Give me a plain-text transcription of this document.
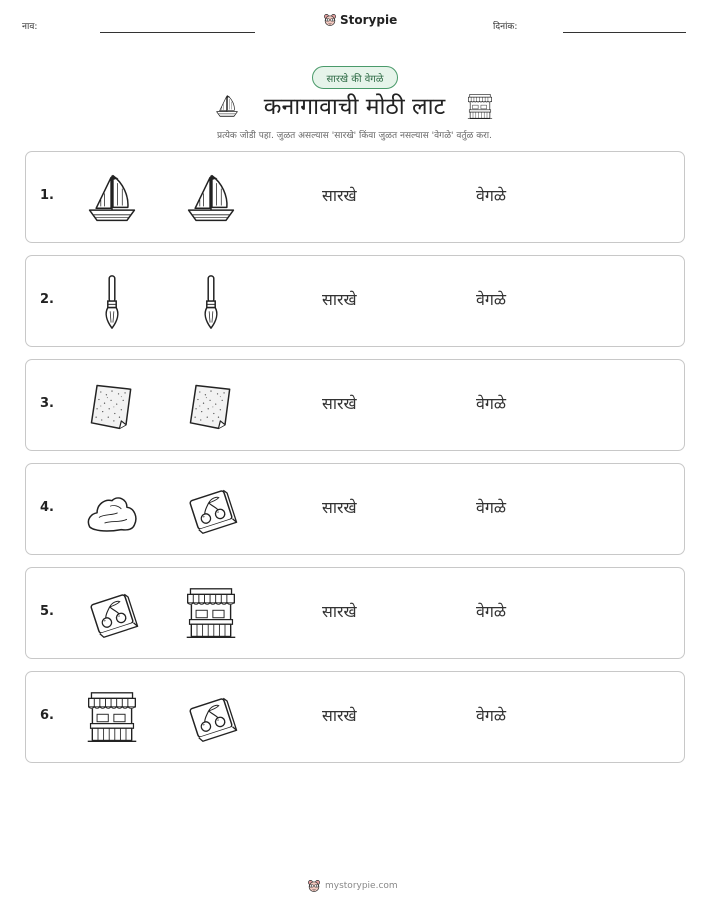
नाव:	Storypie	दिनांक:
सारखे की वेगळे
कनागावाची मोठी लाट
प्रत्येक जोडी पहा. जुळत असल्यास 'सारखे' किंवा जुळत नसल्यास 'वेगळे' वर्तुळ करा.
1.	सारखे	वेगळे
2.	सारखे	वेगळे
3.	सारखे	वेगळे
4.	सारखे	वेगळे
5.	सारखे	वेगळे
6.	सारखे	वेगळे
mystorypie.com
